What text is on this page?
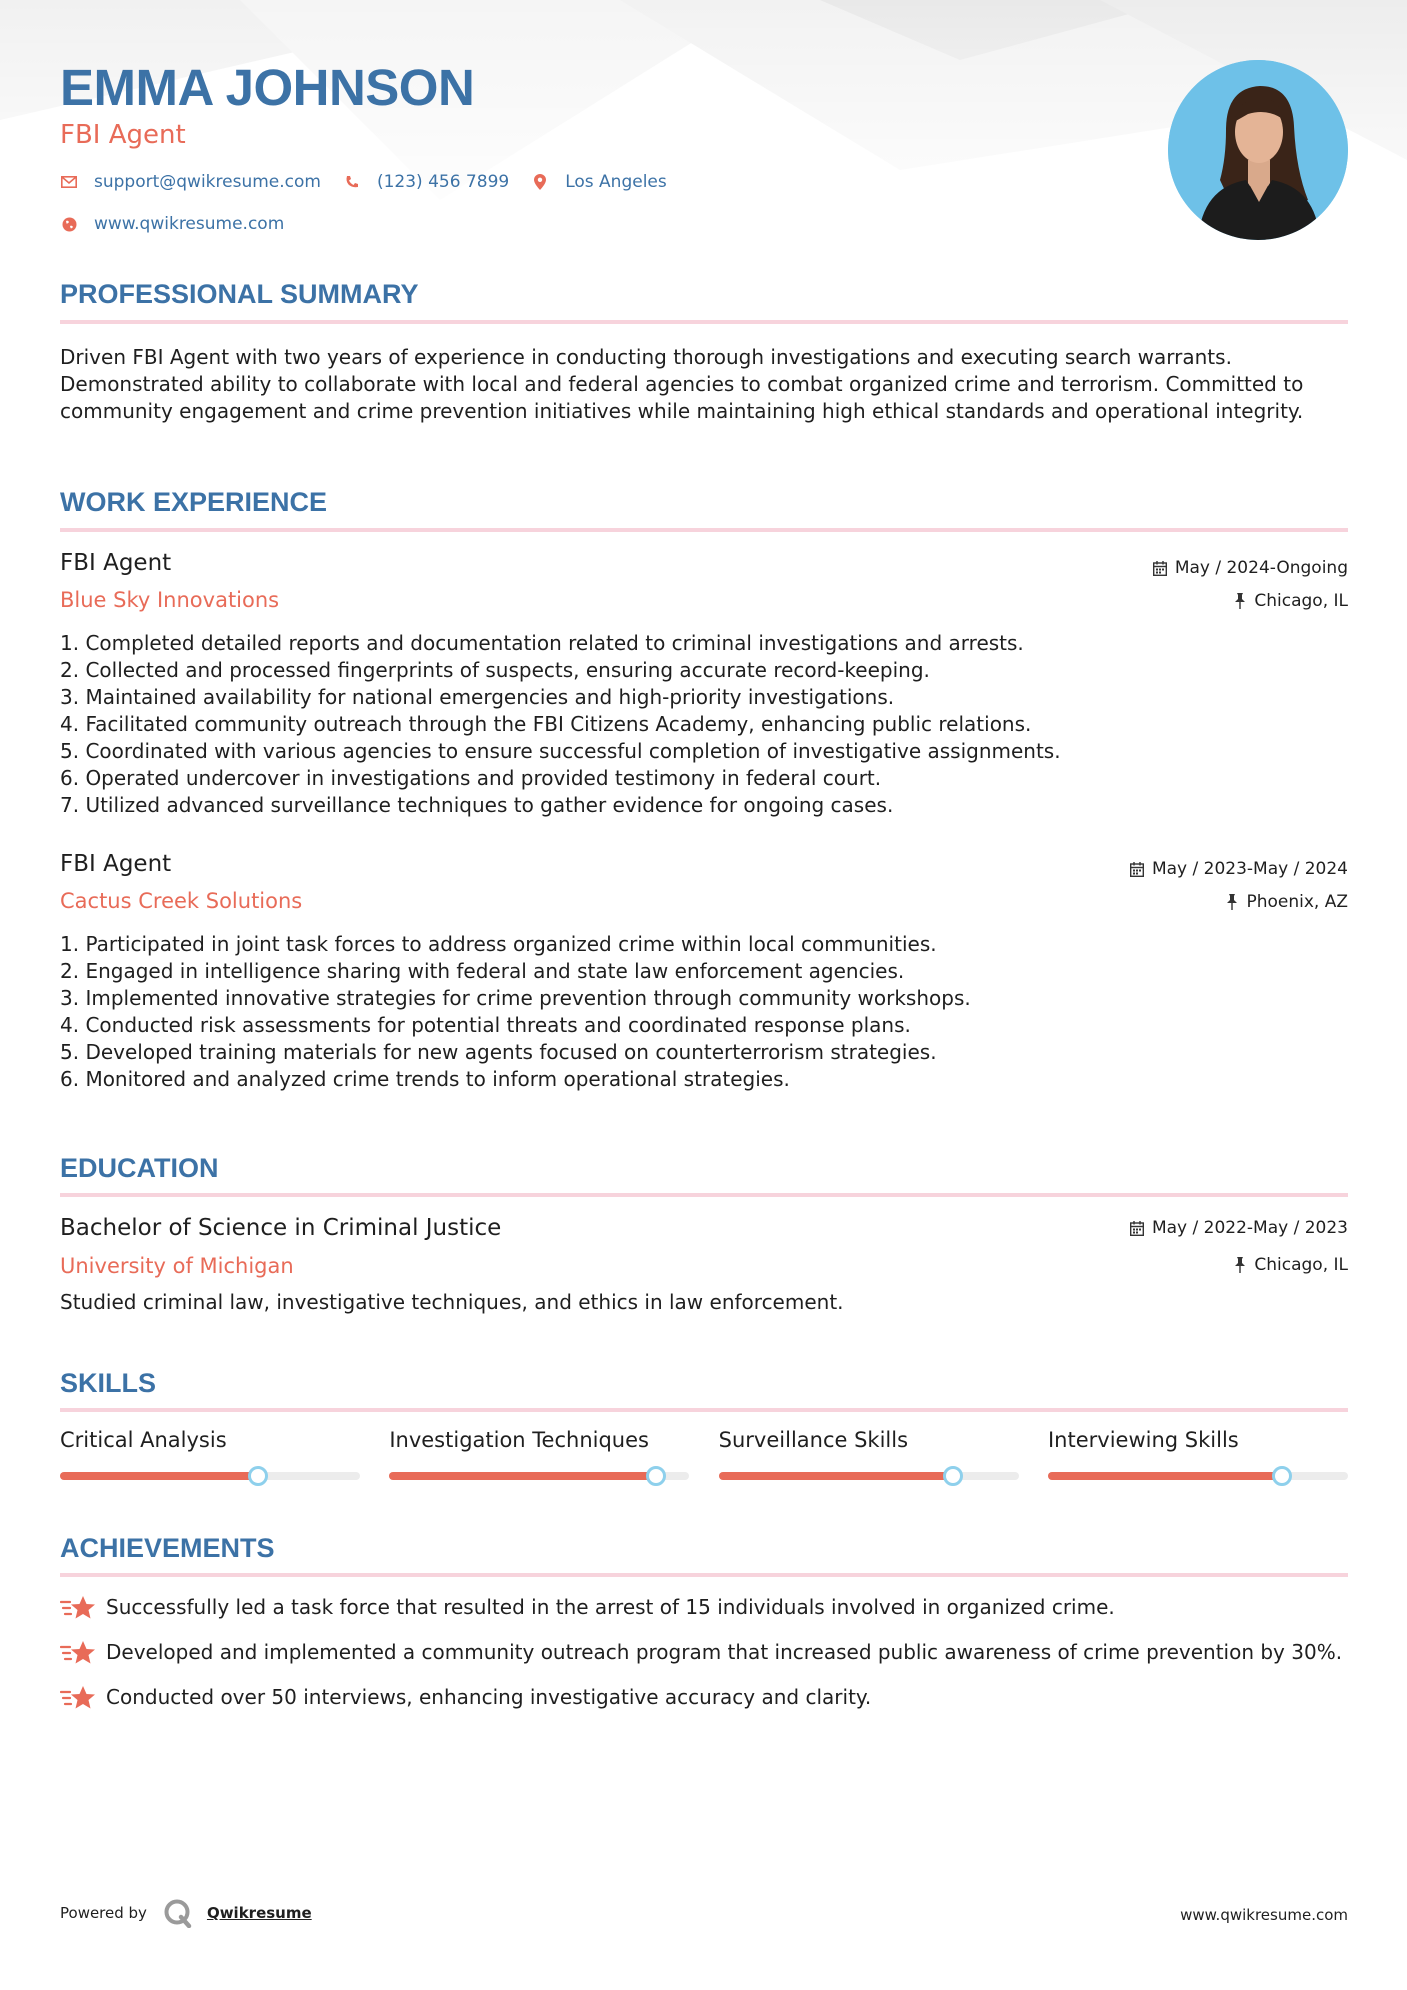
EMMA JOHNSON
FBI Agent
support@qwikresume.com	(123) 456 7899	Los Angeles
www.qwikresume.com
PROFESSIONAL SUMMARY

Driven FBI Agent with two years of experience in conducting thorough investigations and executing search warrants. Demonstrated ability to collaborate with local and federal agencies to combat organized crime and terrorism. Committed to community engagement and crime prevention initiatives while maintaining high ethical standards and operational integrity.

WORK EXPERIENCE
FBI Agent
Blue Sky Innovations
May / 2024-Ongoing
Chicago, IL
1. Completed detailed reports and documentation related to criminal investigations and arrests.
2. Collected and processed fingerprints of suspects, ensuring accurate record-keeping.
3. Maintained availability for national emergencies and high-priority investigations.
4. Facilitated community outreach through the FBI Citizens Academy, enhancing public relations.
5. Coordinated with various agencies to ensure successful completion of investigative assignments.
6. Operated undercover in investigations and provided testimony in federal court.
7. Utilized advanced surveillance techniques to gather evidence for ongoing cases.
FBI Agent
Cactus Creek Solutions
May / 2023-May / 2024
Phoenix, AZ
1. Participated in joint task forces to address organized crime within local communities.
2. Engaged in intelligence sharing with federal and state law enforcement agencies.
3. Implemented innovative strategies for crime prevention through community workshops.
4. Conducted risk assessments for potential threats and coordinated response plans.
5. Developed training materials for new agents focused on counterterrorism strategies.
6. Monitored and analyzed crime trends to inform operational strategies.
EDUCATION
Bachelor of Science in Criminal Justice
University of Michigan
May / 2022-May / 2023
Chicago, IL

Studied criminal law, investigative techniques, and ethics in law enforcement.

SKILLS
Critical Analysis	Investigation Techniques	Surveillance Skills	Interviewing Skills
ACHIEVEMENTS
Successfully led a task force that resulted in the arrest of 15 individuals involved in organized crime.
Developed and implemented a community outreach program that increased public awareness of crime prevention by 30%.
Conducted over 50 interviews, enhancing investigative accuracy and clarity.
Powered by	Qwikresume	www.qwikresume.com
